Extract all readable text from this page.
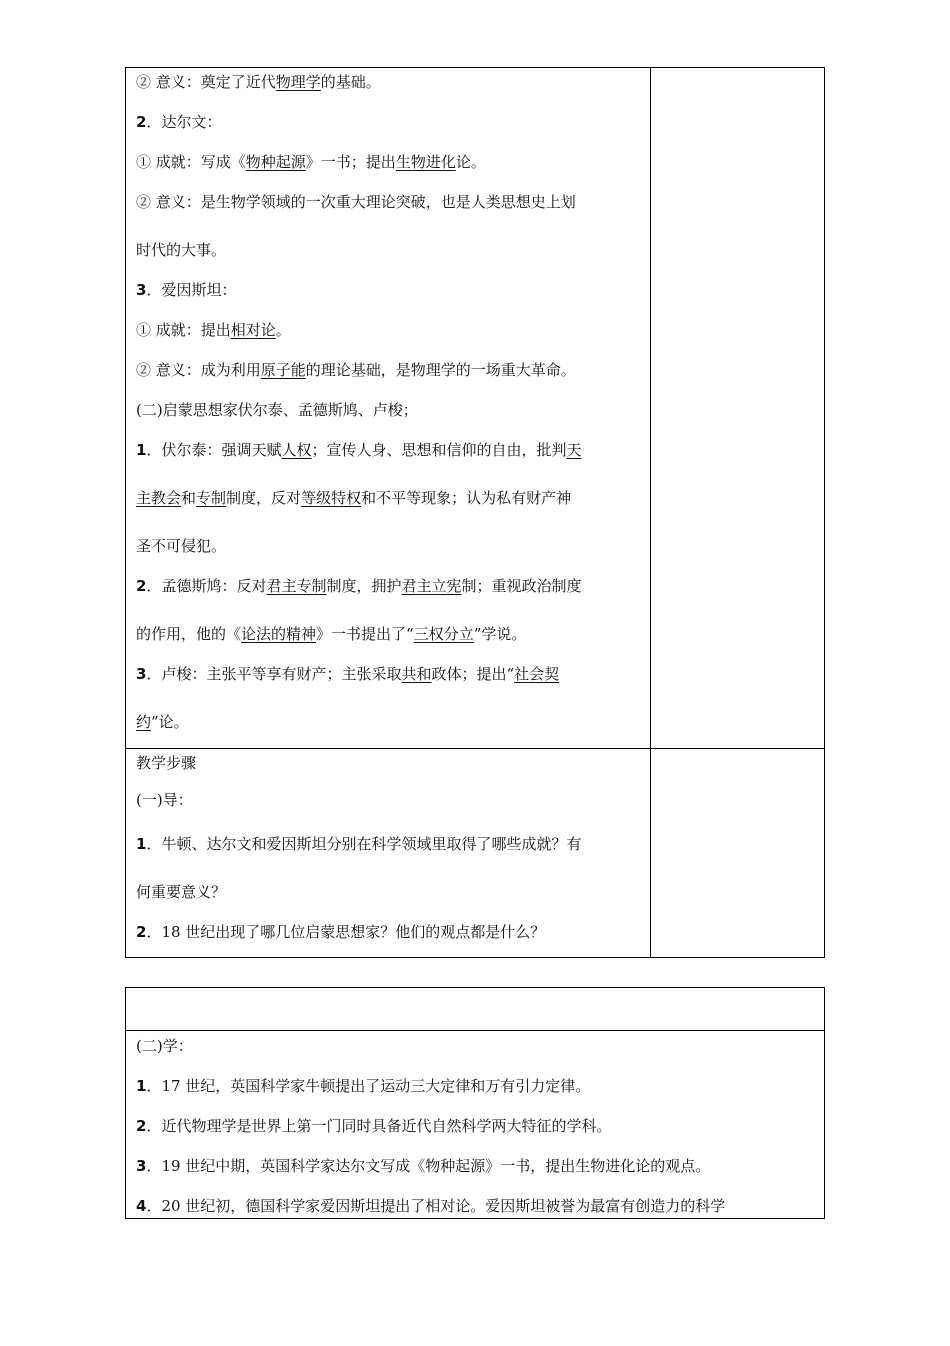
② 意义：奠定了近代物理学的基础。
2．达尔文：
① 成就：写成《物种起源》一书；提出生物进化论。
② 意义：是生物学领域的一次重大理论突破，也是人类思想史上划
时代的大事。
3．爱因斯坦：
① 成就：提出相对论。
② 意义：成为利用原子能的理论基础，是物理学的一场重大革命。
(二)启蒙思想家伏尔泰、孟德斯鸠、卢梭；
1．伏尔泰：强调天赋人权；宣传人身、思想和信仰的自由，批判天
主教会和专制制度，反对等级特权和不平等现象；认为私有财产神
圣不可侵犯。
2．孟德斯鸠：反对君主专制制度，拥护君主立宪制；重视政治制度
的作用，他的《论法的精神》一书提出了“三权分立”学说。
3．卢梭：主张平等享有财产；主张采取共和政体；提出“社会契
约”论。
教学步骤
(一)导：
1．牛顿、达尔文和爱因斯坦分别在科学领域里取得了哪些成就？有
何重要意义？
2．18 世纪出现了哪几位启蒙思想家？他们的观点都是什么？
(二)学：
1．17 世纪，英国科学家牛顿提出了运动三大定律和万有引力定律。
2．近代物理学是世界上第一门同时具备近代自然科学两大特征的学科。
3．19 世纪中期，英国科学家达尔文写成《物种起源》一书，提出生物进化论的观点。
4．20 世纪初，德国科学家爱因斯坦提出了相对论。爱因斯坦被誉为最富有创造力的科学
